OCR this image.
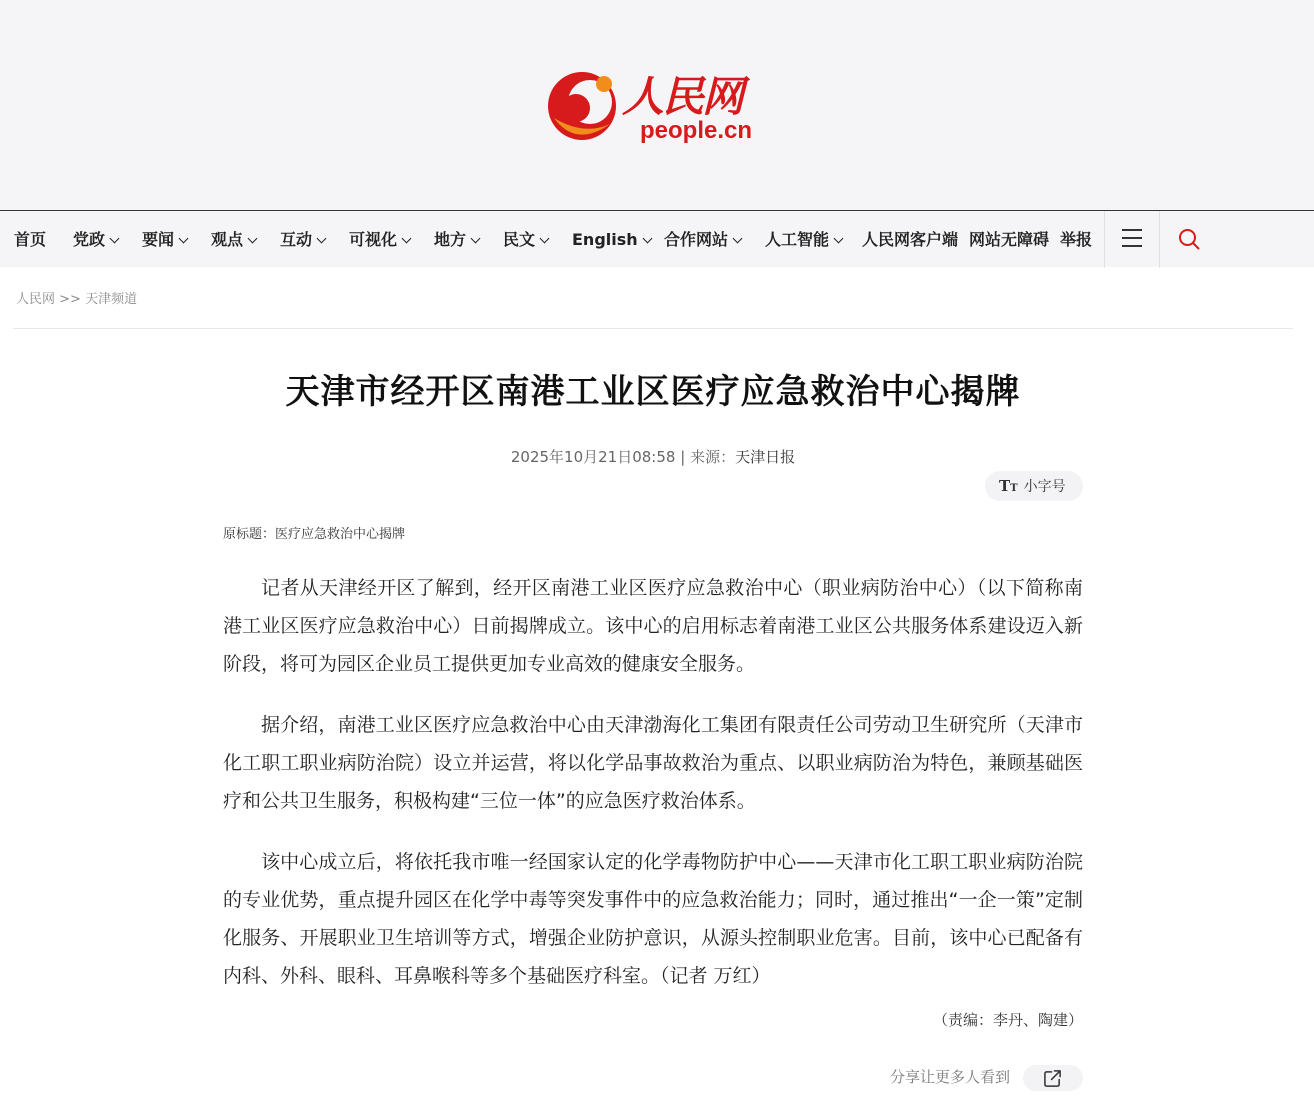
人民网
people.cn
首页 党政	要闻	观点	互动	可视化	地方	民文	English	合作网站	人工智能	人民网客户端 网站无障碍 举报
人民网 >> 天津频道
天津市经开区南港工业区医疗应急救治中心揭牌
2025年10月21日08:58 | 来源：天津日报
TT 小字号
原标题：医疗应急救治中心揭牌

记者从天津经开区了解到，经开区南港工业区医疗应急救治中心（职业病防治中心）（以下简称南港工业区医疗应急救治中心）日前揭牌成立。该中心的启用标志着南港工业区公共服务体系建设迈入新阶段，将可为园区企业员工提供更加专业高效的健康安全服务。

据介绍，南港工业区医疗应急救治中心由天津渤海化工集团有限责任公司劳动卫生研究所（天津市化工职工职业病防治院）设立并运营，将以化学品事故救治为重点、以职业病防治为特色，兼顾基础医疗和公共卫生服务，积极构建“三位一体”的应急医疗救治体系。

该中心成立后，将依托我市唯一经国家认定的化学毒物防护中心——天津市化工职工职业病防治院的专业优势，重点提升园区在化学中毒等突发事件中的应急救治能力；同时，通过推出“一企一策”定制化服务、开展职业卫生培训等方式，增强企业防护意识，从源头控制职业危害。目前，该中心已配备有内科、外科、眼科、耳鼻喉科等多个基础医疗科室。（记者 万红）

（责编：李丹、陶建）
分享让更多人看到
